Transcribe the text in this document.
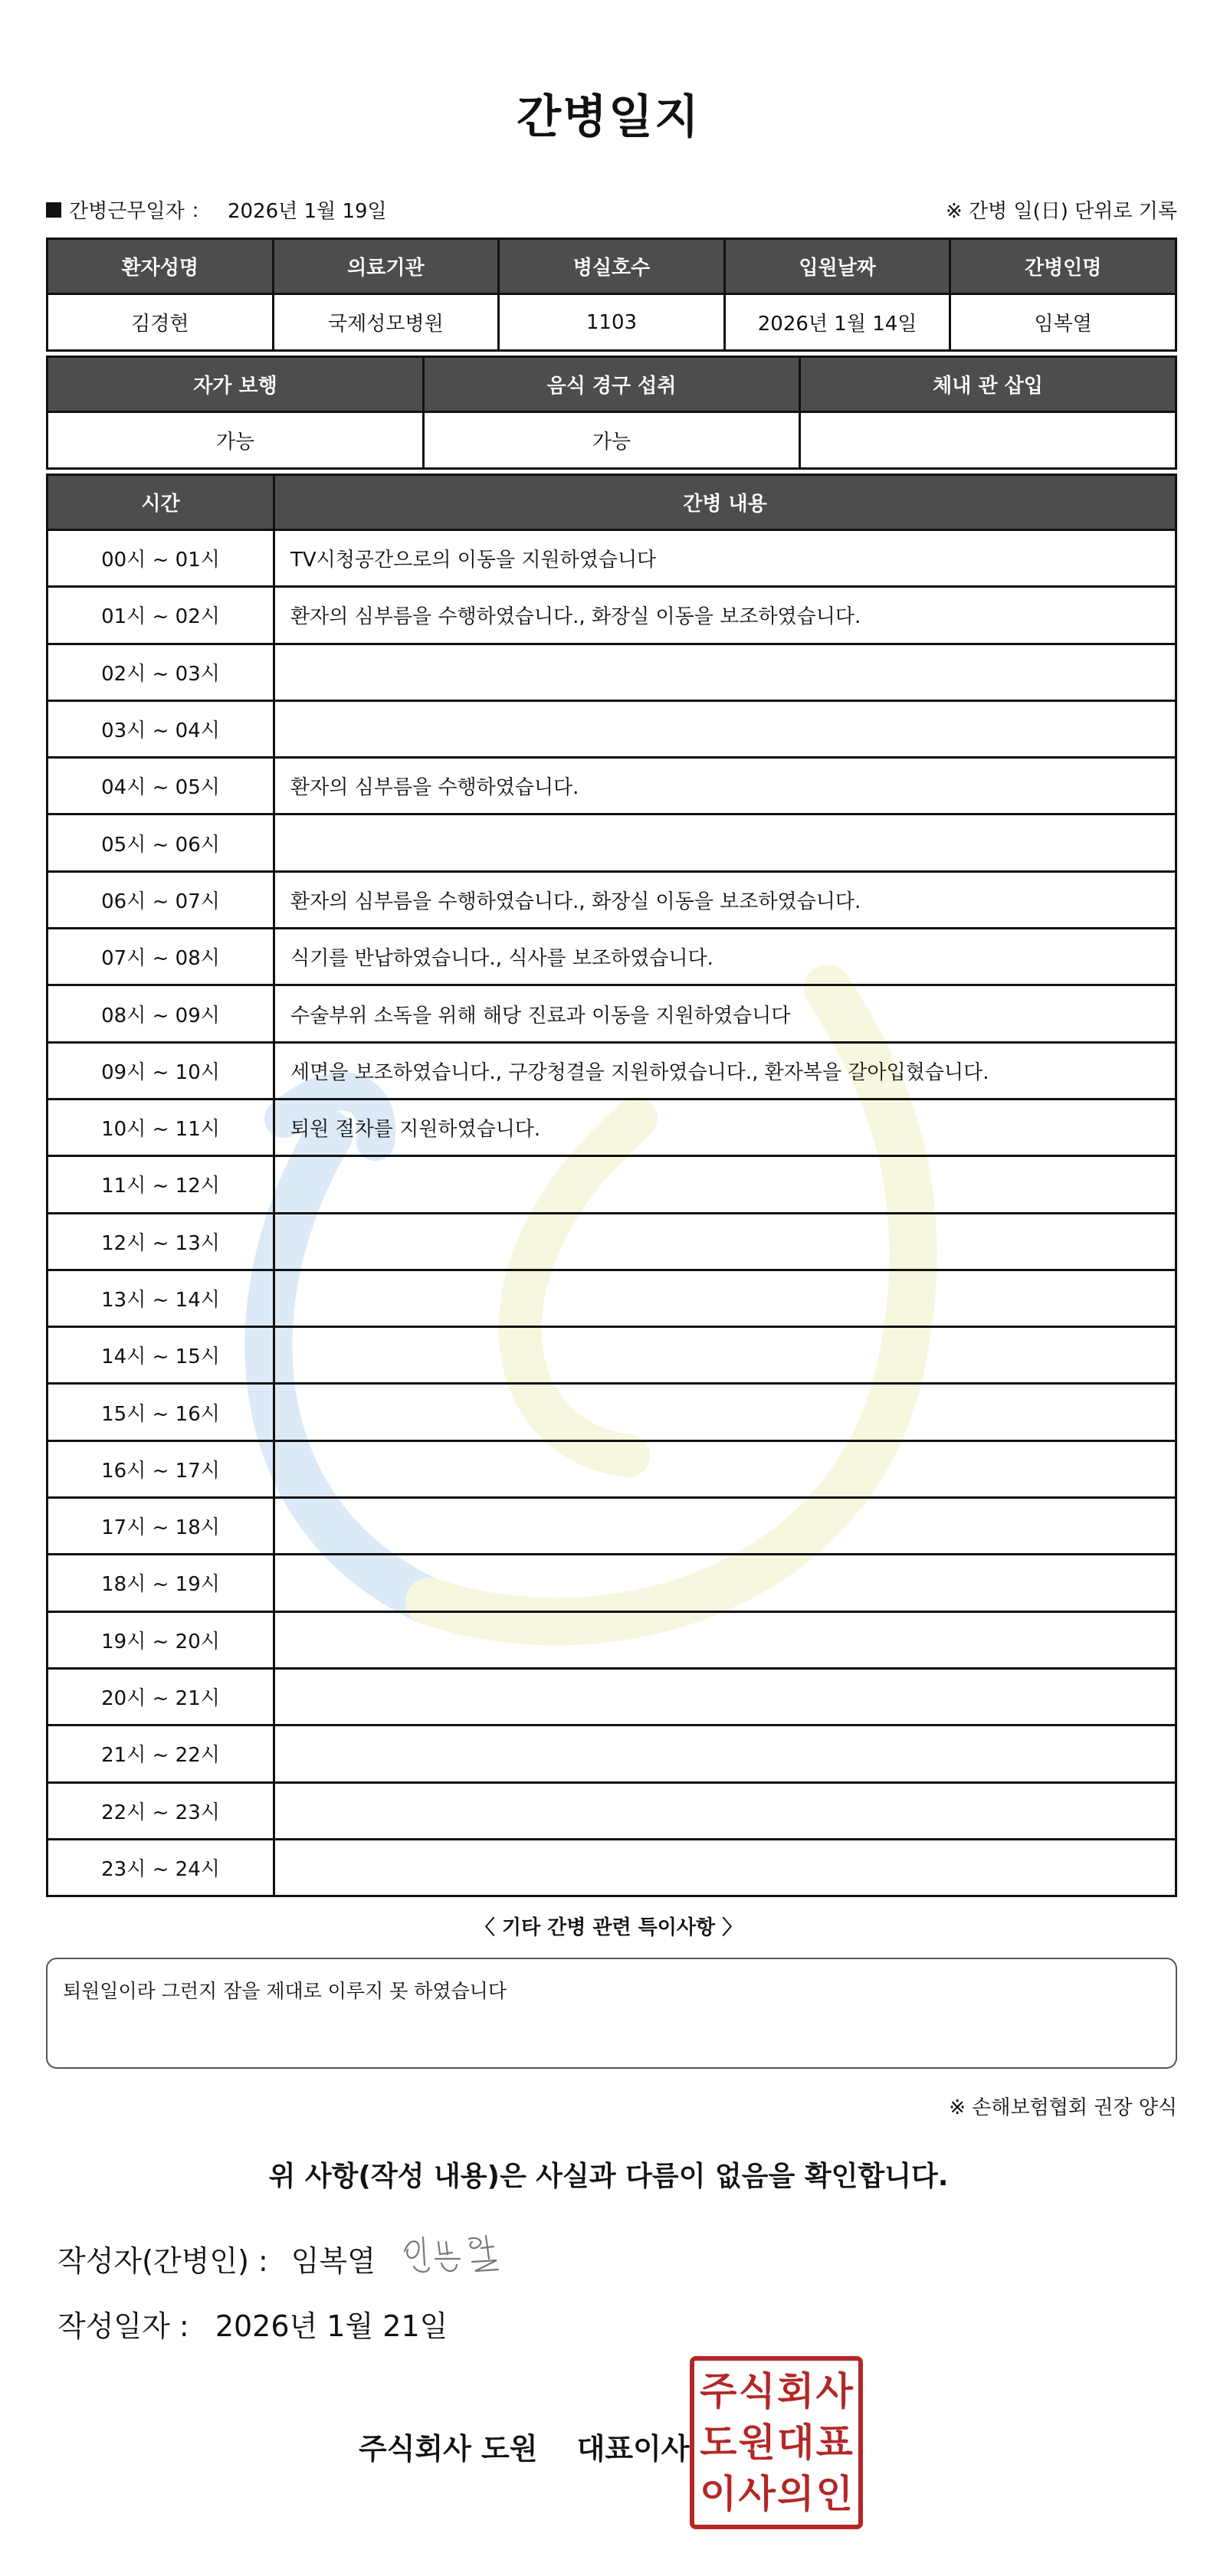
간병일지
간병근무일자 ： 2026년 1월 19일	※ 간병 일(日) 단위로 기록
환자성명	의료기관	병실호수	입원날짜	간병인명
김경현	국제성모병원	1103	2026년 1월 14일	임복열
자가 보행	음식 경구 섭취	체내 관 삽입
가능	가능	
시간	간병 내용
00시 ~ 01시	TV시청공간으로의 이동을 지원하였습니다
01시 ~ 02시	환자의 심부름을 수행하였습니다., 화장실 이동을 보조하였습니다.
02시 ~ 03시	
03시 ~ 04시	
04시 ~ 05시	환자의 심부름을 수행하였습니다.
05시 ~ 06시	
06시 ~ 07시	환자의 심부름을 수행하였습니다., 화장실 이동을 보조하였습니다.
07시 ~ 08시	식기를 반납하였습니다., 식사를 보조하였습니다.
08시 ~ 09시	수술부위 소독을 위해 해당 진료과 이동을 지원하였습니다
09시 ~ 10시	세면을 보조하였습니다., 구강청결을 지원하였습니다., 환자복을 갈아입혔습니다.
10시 ~ 11시	퇴원 절차를 지원하였습니다.
11시 ~ 12시	
12시 ~ 13시	
13시 ~ 14시	
14시 ~ 15시	
15시 ~ 16시	
16시 ~ 17시	
17시 ~ 18시	
18시 ~ 19시	
19시 ~ 20시	
20시 ~ 21시	
21시 ~ 22시	
22시 ~ 23시	
23시 ~ 24시	
〈 기타 간병 관련 특이사항 〉
퇴원일이라 그런지 잠을 제대로 이루지 못 하였습니다
※ 손해보험협회 권장 양식
위 사항(작성 내용)은 사실과 다름이 없음을 확인합니다.
작성자(간병인) : 임복열
작성일자 : 2026년 1월 21일
주식회사 도원 대표이사
주 식 회 사
도 원 대 표
이 사 의 인
